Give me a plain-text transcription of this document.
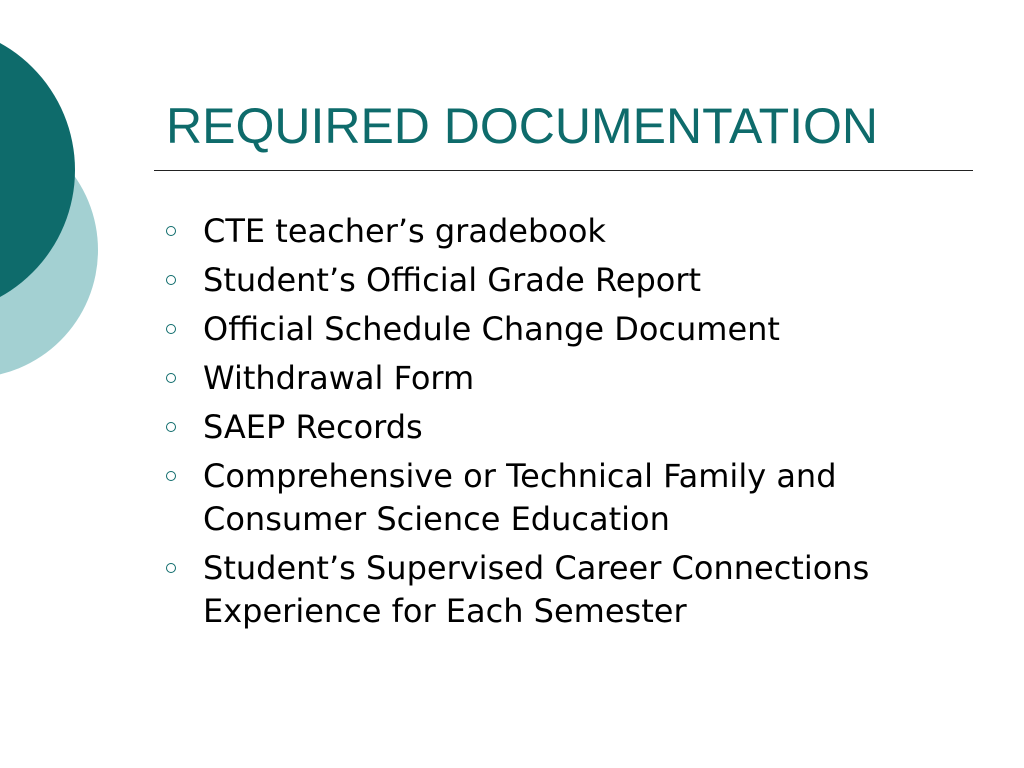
REQUIRED DOCUMENTATION
CTE teacher’s gradebook
Student’s Official Grade Report
Official Schedule Change Document
Withdrawal Form
SAEP Records
Comprehensive or Technical Family and Consumer Science Education
Student’s Supervised Career Connections Experience for Each Semester
